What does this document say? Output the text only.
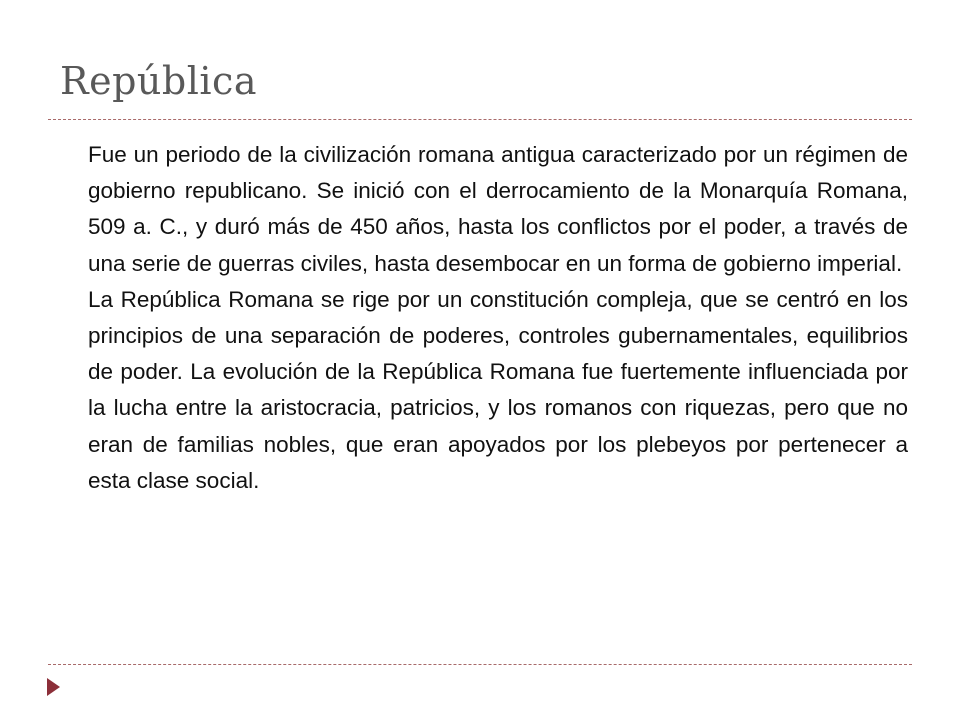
República

Fue un periodo de la civilización romana antigua caracterizado por un régimen de gobierno republicano. Se inició con el derrocamiento de la Monarquía Romana, 509 a. C., y duró más de 450 años, hasta los conflictos por el poder, a través de una serie de guerras civiles, hasta desembocar en un forma de gobierno imperial.

La República Romana se rige por un constitución compleja, que se centró en los principios de una separación de poderes, controles gubernamentales, equilibrios de poder. La evolución de la República Romana fue fuertemente influenciada por la lucha entre la aristocracia, patricios, y los romanos con riquezas, pero que no eran de familias nobles, que eran apoyados por los plebeyos por pertenecer a esta clase social.
